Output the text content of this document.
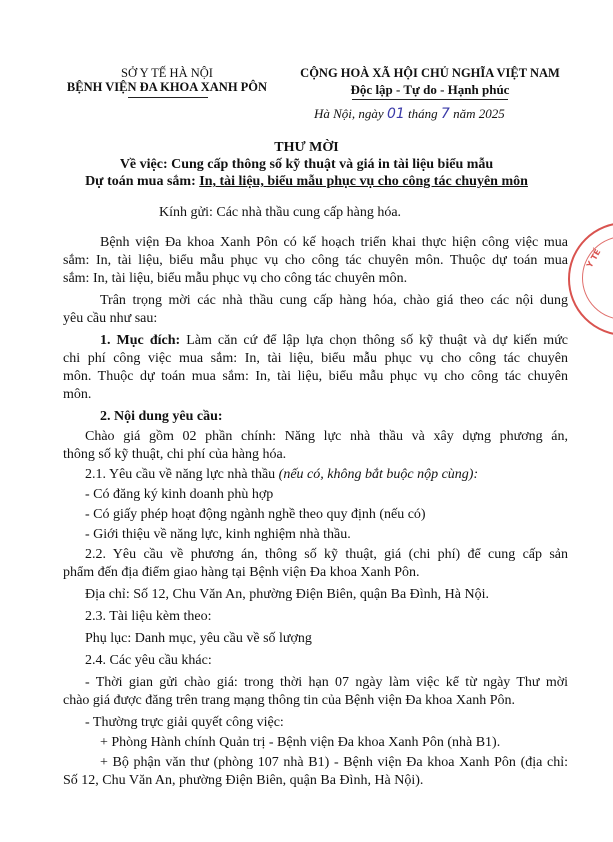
SỞ Y TẾ HÀ NỘI
BỆNH VIỆN ĐA KHOA XANH PÔN
CỘNG HOÀ XÃ HỘI CHỦ NGHĨA VIỆT NAM
Độc lập - Tự do - Hạnh phúc
Hà Nội, ngày 01 tháng 7 năm 2025
THƯ MỜI
Về việc: Cung cấp thông số kỹ thuật và giá in tài liệu biểu mẫu
Dự toán mua sắm: In, tài liệu, biểu mẫu phục vụ cho công tác chuyên môn
Kính gửi: Các nhà thầu cung cấp hàng hóa.
Bệnh viện Đa khoa Xanh Pôn có kế hoạch triển khai thực hiện công việc mua
sắm: In, tài liệu, biểu mẫu phục vụ cho công tác chuyên môn. Thuộc dự toán mua
sắm: In, tài liệu, biểu mẫu phục vụ cho công tác chuyên môn.
Trân trọng mời các nhà thầu cung cấp hàng hóa, chào giá theo các nội dung
yêu cầu như sau:
1. Mục đích: Làm căn cứ để lập lựa chọn thông số kỹ thuật và dự kiến mức
chi phí công việc mua sắm: In, tài liệu, biểu mẫu phục vụ cho công tác chuyên
môn. Thuộc dự toán mua sắm: In, tài liệu, biểu mẫu phục vụ cho công tác chuyên
môn.
2. Nội dung yêu cầu:
Chào giá gồm 02 phần chính: Năng lực nhà thầu và xây dựng phương án,
thông số kỹ thuật, chi phí của hàng hóa.
2.1. Yêu cầu về năng lực nhà thầu (nếu có, không bắt buộc nộp cùng):
- Có đăng ký kinh doanh phù hợp
- Có giấy phép hoạt động ngành nghề theo quy định (nếu có)
- Giới thiệu về năng lực, kinh nghiệm nhà thầu.
2.2. Yêu cầu về phương án, thông số kỹ thuật, giá (chi phí) để cung cấp sản
phẩm đến địa điểm giao hàng tại Bệnh viện Đa khoa Xanh Pôn.
Địa chỉ: Số 12, Chu Văn An, phường Điện Biên, quận Ba Đình, Hà Nội.
2.3. Tài liệu kèm theo:
Phụ lục: Danh mục, yêu cầu về số lượng
2.4. Các yêu cầu khác:
- Thời gian gửi chào giá: trong thời hạn 07 ngày làm việc kể từ ngày Thư mời
chào giá được đăng trên trang mạng thông tin của Bệnh viện Đa khoa Xanh Pôn.
- Thường trực giải quyết công việc:
+ Phòng Hành chính Quản trị - Bệnh viện Đa khoa Xanh Pôn (nhà B1).
+ Bộ phận văn thư (phòng 107 nhà B1) - Bệnh viện Đa khoa Xanh Pôn (địa chỉ:
Số 12, Chu Văn An, phường Điện Biên, quận Ba Đình, Hà Nội).
Y TẾ
